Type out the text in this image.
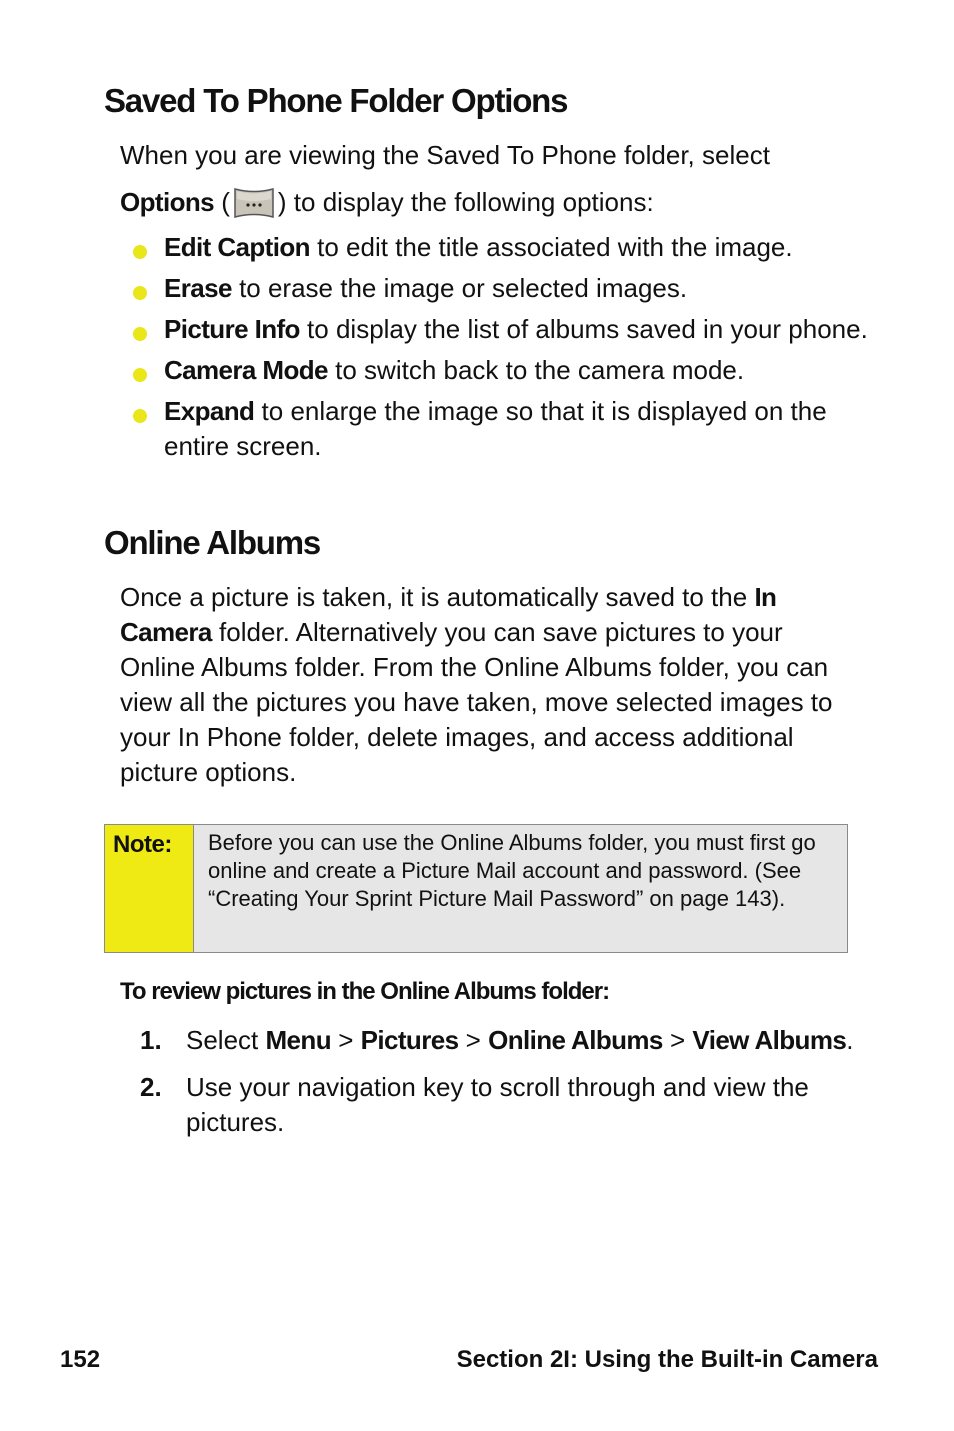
Saved To Phone Folder Options

When you are viewing the Saved To Phone folder, select
Options ( ) to display the following options:

Edit Caption to edit the title associated with the image.
Erase to erase the image or selected images.
Picture Info to display the list of albums saved in your phone.
Camera Mode to switch back to the camera mode.
Expand to enlarge the image so that it is displayed on the entire screen.
Online Albums

Once a picture is taken, it is automatically saved to the In Camera folder. Alternatively you can save pictures to your Online Albums folder. From the Online Albums folder, you can view all the pictures you have taken, move selected images to your In Phone folder, delete images, and access additional picture options.

Note:	Before you can use the Online Albums folder, you must first go online and create a Picture Mail account and password. (See “Creating Your Sprint Picture Mail Password” on page 143).

To review pictures in the Online Albums folder:

1. Select Menu > Pictures > Online Albums > View Albums.
2. Use your navigation key to scroll through and view the pictures.
152	Section 2I: Using the Built-in Camera
